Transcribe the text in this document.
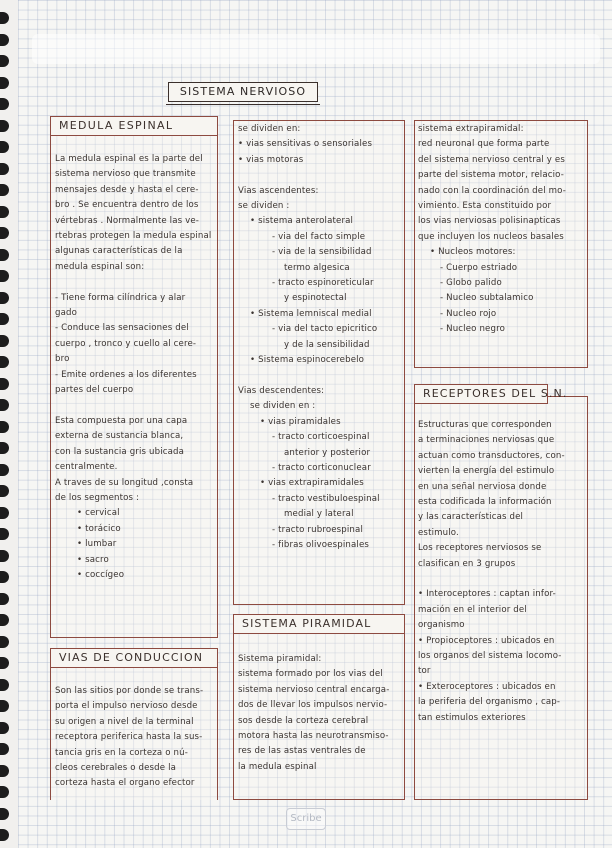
SISTEMA NERVIOSO
MEDULA ESPINAL

La medula espinal es la parte del

sistema nervioso que transmite

mensajes desde y hasta el cere-

bro . Se encuentra dentro de los

vértebras . Normalmente las ve-

rtebras protegen la medula espinal

algunas características de la

medula espinal son:

- Tiene forma cilíndrica y alar

gado

- Conduce las sensaciones del

cuerpo , tronco y cuello al cere-

bro

- Emite ordenes a los diferentes

partes del cuerpo

Esta compuesta por una capa

externa de sustancia blanca,

con la sustancia gris ubicada

centralmente.

A traves de su longitud ,consta

de los segmentos :

• cervical

• torácico

• lumbar

• sacro

• coccígeo

VIAS DE CONDUCCION

Son las sitios por donde se trans-

porta el impulso nervioso desde

su origen a nivel de la terminal

receptora periferica hasta la sus-

tancia gris en la corteza o nú-

cleos cerebrales o desde la

corteza hasta el organo efector

se dividen en:

• vias sensitivas o sensoriales

• vias motoras

Vias ascendentes:

se dividen :

• sistema anterolateral

- via del facto simple

- via de la sensibilidad

termo algesica

- tracto espinoreticular

y espinotectal

• Sistema lemniscal medial

- via del tacto epicritico

y de la sensibilidad

• Sistema espinocerebelo

Vias descendentes:

se dividen en :

• vias piramidales

- tracto corticoespinal

anterior y posterior

- tracto corticonuclear

• vias extrapiramidales

- tracto vestibuloespinal

medial y lateral

- tracto rubroespinal

- fibras olivoespinales

SISTEMA PIRAMIDAL

Sistema piramidal:

sistema formado por los vias del

sistema nervioso central encarga-

dos de llevar los impulsos nervio-

sos desde la corteza cerebral

motora hasta las neurotransmiso-

res de las astas ventrales de

la medula espinal

sistema extrapiramidal:

red neuronal que forma parte

del sistema nervioso central y es

parte del sistema motor, relacio-

nado con la coordinación del mo-

vimiento. Esta constituido por

los vias nerviosas polisinapticas

que incluyen los nucleos basales

• Nucleos motores:

- Cuerpo estriado

- Globo palido

- Nucleo subtalamico

- Nucleo rojo

- Nucleo negro

RECEPTORES DEL S.N.

Estructuras que corresponden

a terminaciones nerviosas que

actuan como transductores, con-

vierten la energía del estimulo

en una señal nerviosa donde

esta codificada la información

y las características del

estimulo.

Los receptores nerviosos se

clasifican en 3 grupos

• Interoceptores : captan infor-

mación en el interior del

organismo

• Propioceptores : ubicados en

los organos del sistema locomo-

tor

• Exteroceptores : ubicados en

la periferia del organismo , cap-

tan estimulos exteriores

Scribe
